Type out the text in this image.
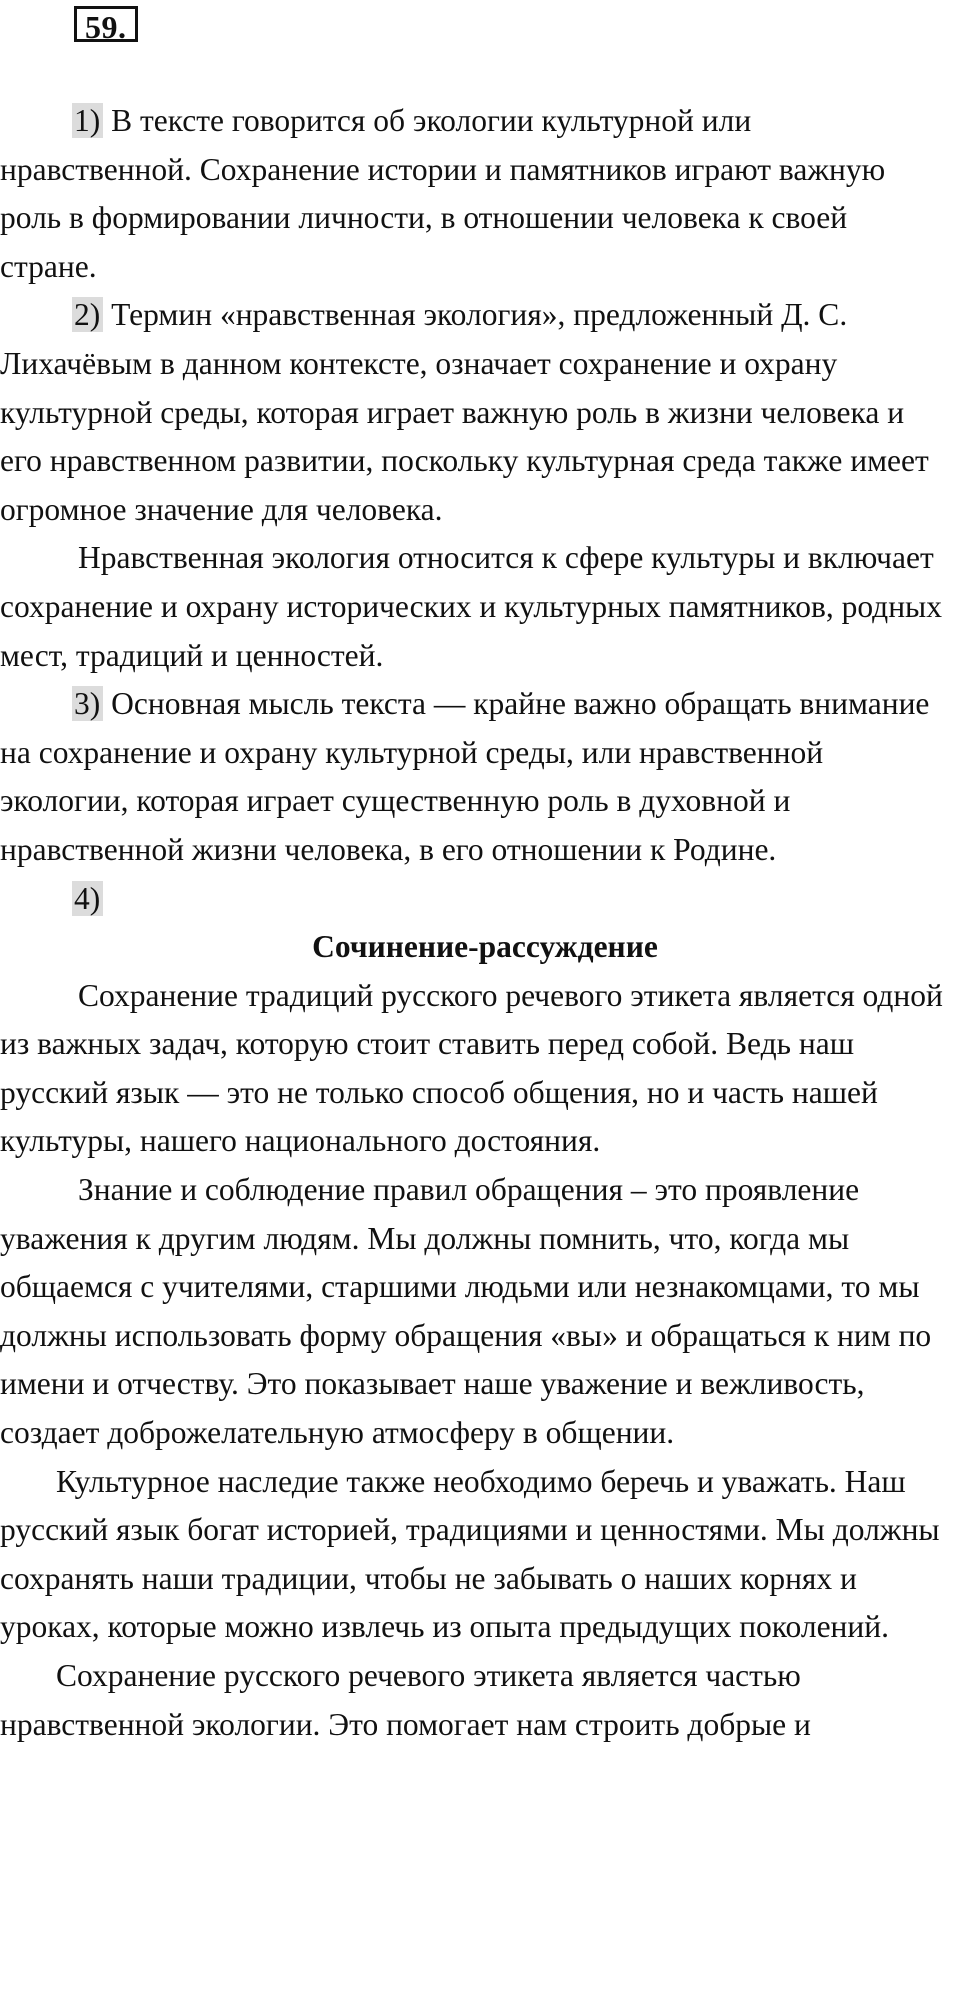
59.

1) В тексте говорится об экологии культурной или нравственной. Сохранение истории и памятников играют важную роль в формировании личности, в отношении человека к своей стране.

2) Термин «нравственная экология», предложенный Д. С. Лихачёвым в данном контексте, означает сохранение и охрану культурной среды, которая играет важную роль в жизни человека и его нравственном развитии, поскольку культурная среда также имеет огромное значение для человека.

Нравственная экология относится к сфере культуры и включает сохранение и охрану исторических и культурных памятников, родных мест, традиций и ценностей.

3) Основная мысль текста — крайне важно обращать внимание на сохранение и охрану культурной среды, или нравственной экологии, которая играет существенную роль в духовной и нравственной жизни человека, в его отношении к Родине.

4)

Сочинение-рассуждение

Сохранение традиций русского речевого этикета является одной из важных задач, которую стоит ставить перед собой. Ведь наш русский язык — это не только способ общения, но и часть нашей культуры, нашего национального достояния.

Знание и соблюдение правил обращения – это проявление уважения к другим людям. Мы должны помнить, что, когда мы общаемся с учителями, старшими людьми или незнакомцами, то мы должны использовать форму обращения «вы» и обращаться к ним по имени и отчеству. Это показывает наше уважение и вежливость, создает доброжелательную атмосферу в общении.

Культурное наследие также необходимо беречь и уважать. Наш русский язык богат историей, традициями и ценностями. Мы должны сохранять наши традиции, чтобы не забывать о наших корнях и уроках, которые можно извлечь из опыта предыдущих поколений.

Сохранение русского речевого этикета является частью нравственной экологии. Это помогает нам строить добрые и
